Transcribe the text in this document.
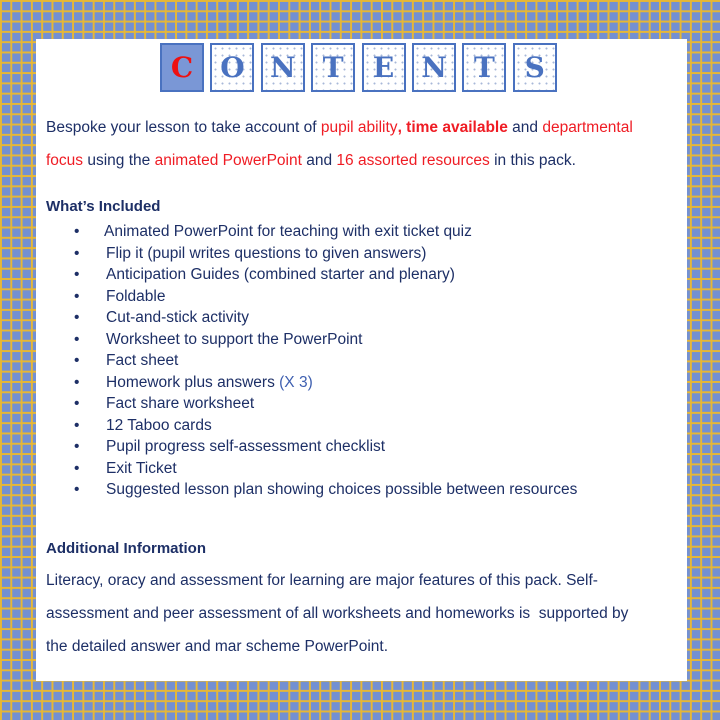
C O N T	E N T	S
Bespoke your lesson to take account of pupil ability, time available and departmental
focus using the animated PowerPoint and 16 assorted resources in this pack.
What’s Included
• Animated PowerPoint for teaching with exit ticket quiz
• Flip it (pupil writes questions to given answers)
• Anticipation Guides (combined starter and plenary)
• Foldable
• Cut-and-stick activity
• Worksheet to support the PowerPoint
• Fact sheet
• Homework plus answers (X 3)
• Fact share worksheet
• 12 Taboo cards
• Pupil progress self-assessment checklist
• Exit Ticket
• Suggested lesson plan showing choices possible between resources
Additional Information
Literacy, oracy and assessment for learning are major features of this pack. Self-
assessment and peer assessment of all worksheets and homeworks is  supported by
the detailed answer and mar scheme PowerPoint.
